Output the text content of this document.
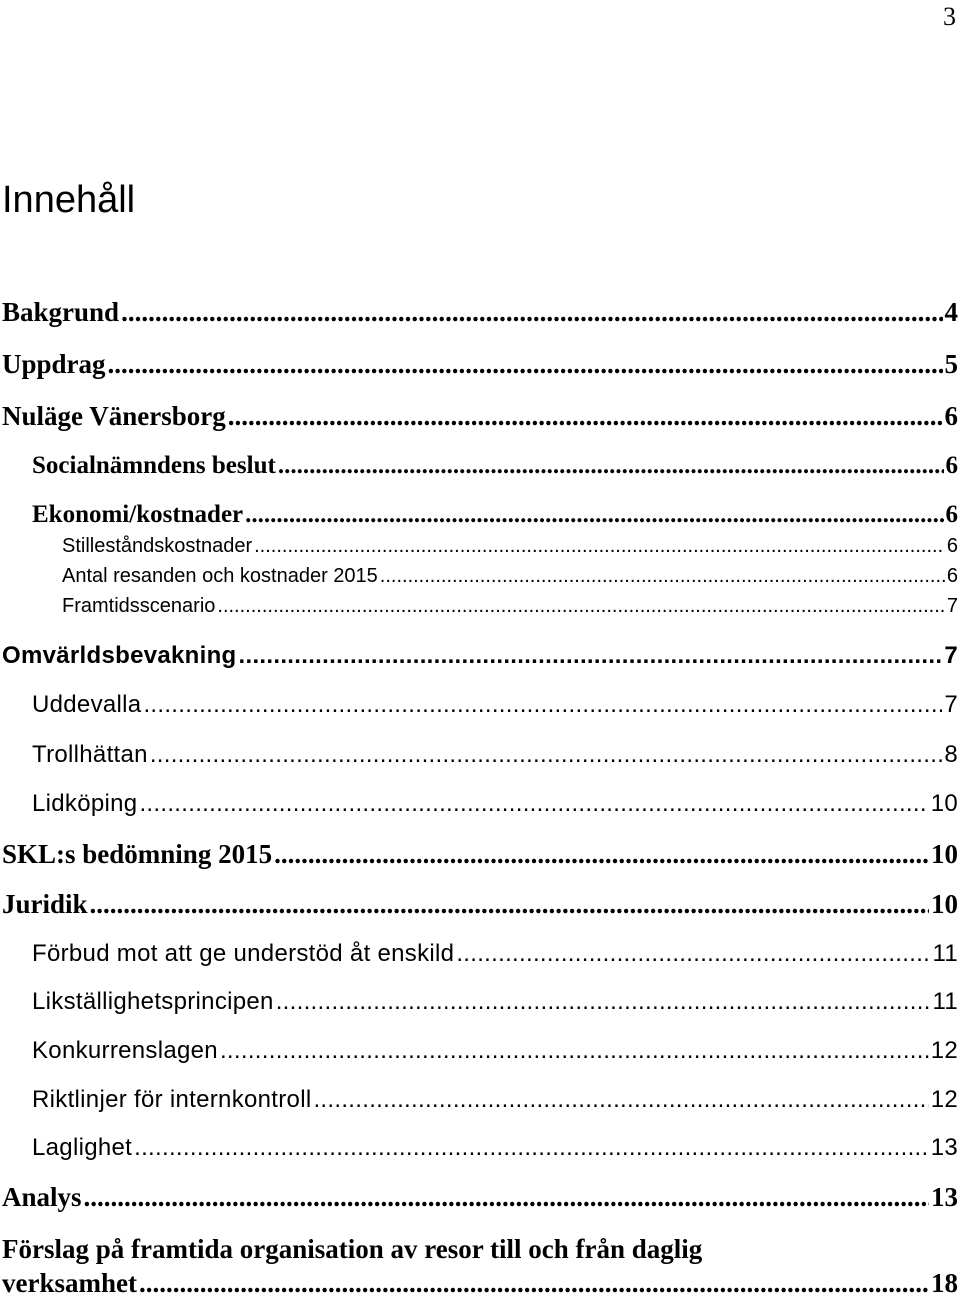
3
Innehåll
Bakgrund .....	4
Uppdrag .....	5
Nuläge Vänersborg .....	6
Socialnämndens beslut .....	6
Ekonomi/kostnader .....	6
Stilleståndskostnader .....	6
Antal resanden och kostnader 2015 .....	6
Framtidsscenario .....	7
Omvärldsbevakning .....	7
Uddevalla .....	7
Trollhättan .....	8
Lidköping .....	10
SKL:s bedömning 2015 .....	10
Juridik .....	10
Förbud mot att ge understöd åt enskild .....	11
Likställighetsprincipen .....	11
Konkurrenslagen .....	12
Riktlinjer för internkontroll .....	12
Laglighet .....	13
Analys .....	13
Förslag på framtida organisation av resor till och från daglig
verksamhet .....	18
